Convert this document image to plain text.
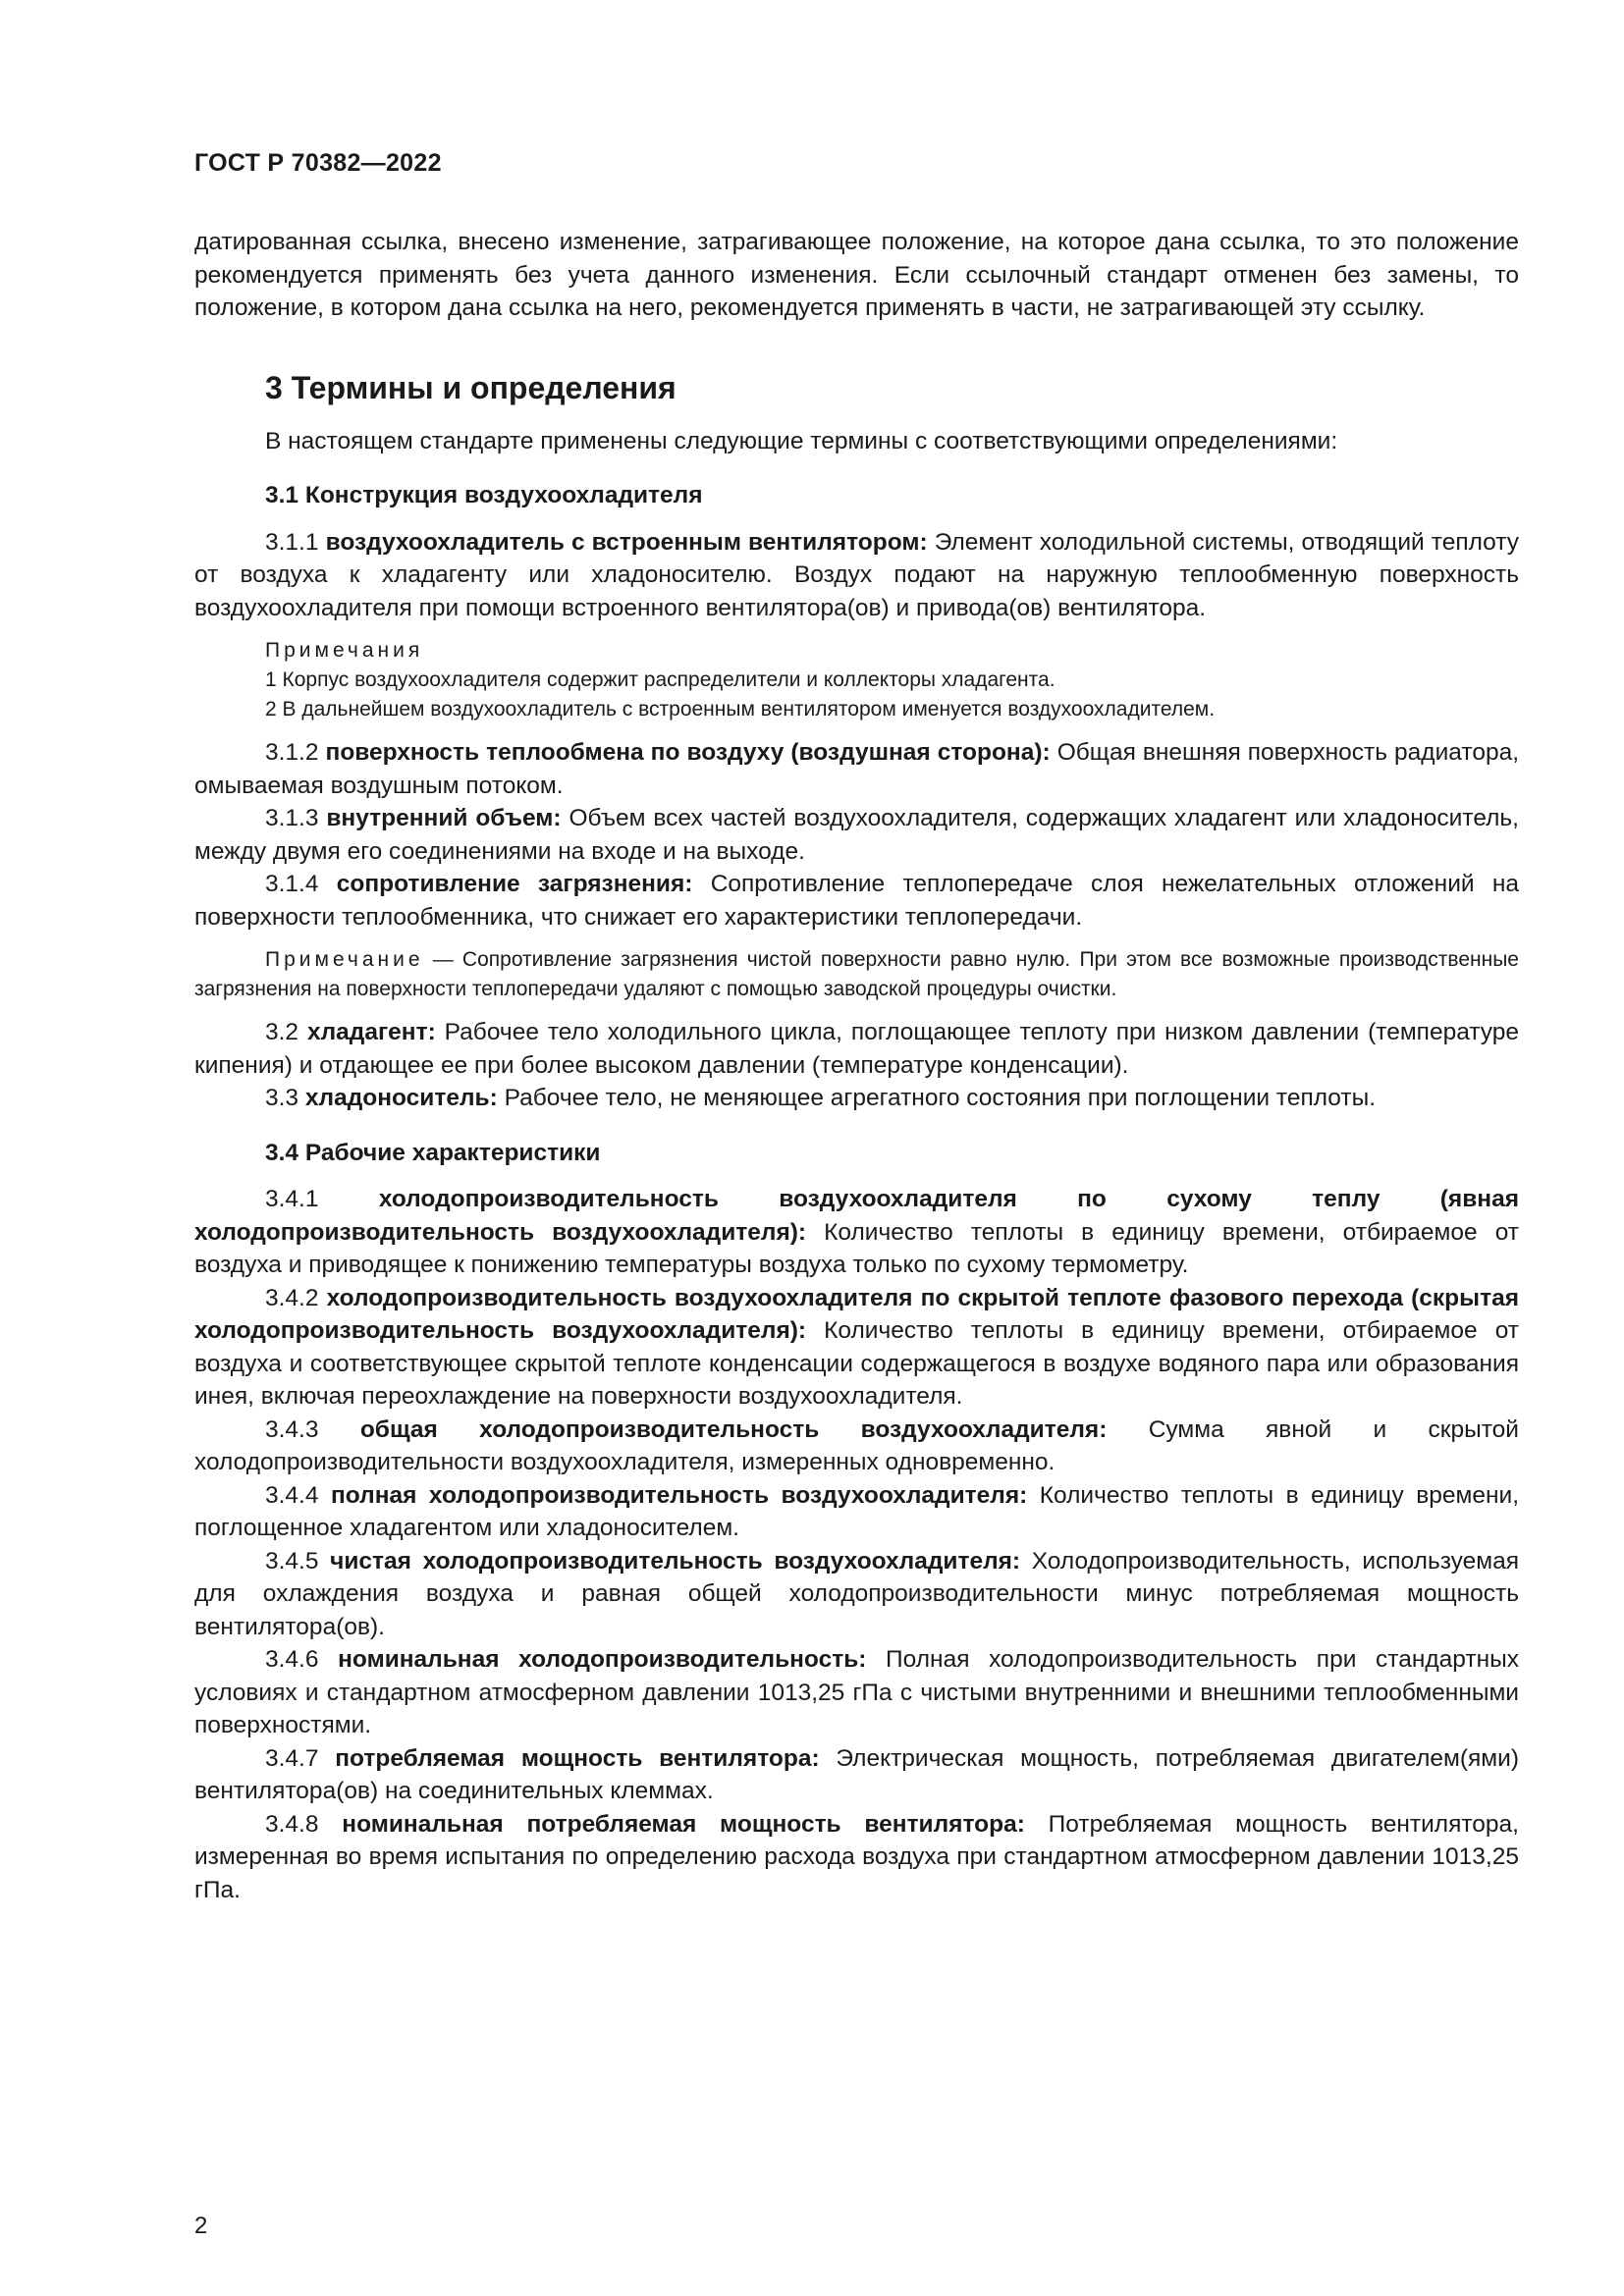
ГОСТ Р 70382—2022

датированная ссылка, внесено изменение, затрагивающее положение, на которое дана ссылка, то это положение рекомендуется применять без учета данного изменения. Если ссылочный стандарт отменен без замены, то положение, в котором дана ссылка на него, рекомендуется применять в части, не затрагивающей эту ссылку.

3 Термины и определения

В настоящем стандарте применены следующие термины с соответствующими определениями:

3.1 Конструкция воздухоохладителя

3.1.1 воздухоохладитель с встроенным вентилятором: Элемент холодильной системы, отводящий теплоту от воздуха к хладагенту или хладоносителю. Воздух подают на наружную теплообменную поверхность воздухоохладителя при помощи встроенного вентилятора(ов) и привода(ов) вентилятора.

Примечания

1 Корпус воздухоохладителя содержит распределители и коллекторы хладагента.

2 В дальнейшем воздухоохладитель с встроенным вентилятором именуется воздухоохладителем.

3.1.2 поверхность теплообмена по воздуху (воздушная сторона): Общая внешняя поверхность радиатора, омываемая воздушным потоком.

3.1.3 внутренний объем: Объем всех частей воздухоохладителя, содержащих хладагент или хладоноситель, между двумя его соединениями на входе и на выходе.

3.1.4 сопротивление загрязнения: Сопротивление теплопередаче слоя нежелательных отложений на поверхности теплообменника, что снижает его характеристики теплопередачи.

Примечание — Сопротивление загрязнения чистой поверхности равно нулю. При этом все возможные производственные загрязнения на поверхности теплопередачи удаляют с помощью заводской процедуры очистки.

3.2 хладагент: Рабочее тело холодильного цикла, поглощающее теплоту при низком давлении (температуре кипения) и отдающее ее при более высоком давлении (температуре конденсации).

3.3 хладоноситель: Рабочее тело, не меняющее агрегатного состояния при поглощении теплоты.

3.4 Рабочие характеристики

3.4.1	холодопроизводительность воздухоохладителя по сухому теплу (явная холодопроизводительность воздухоохладителя): Количество теплоты в единицу времени, отбираемое от воздуха и приводящее к понижению температуры воздуха только по сухому термометру.

3.4.2 холодопроизводительность воздухоохладителя по скрытой теплоте фазового перехода (скрытая холодопроизводительность воздухоохладителя): Количество теплоты в единицу времени, отбираемое от воздуха и соответствующее скрытой теплоте конденсации содержащегося в воздухе водяного пара или образования инея, включая переохлаждение на поверхности воздухоохладителя.

3.4.3 общая холодопроизводительность воздухоохладителя: Сумма явной и скрытой холодопроизводительности воздухоохладителя, измеренных одновременно.

3.4.4 полная холодопроизводительность воздухоохладителя: Количество теплоты в единицу времени, поглощенное хладагентом или хладоносителем.

3.4.5 чистая холодопроизводительность воздухоохладителя: Холодопроизводительность, используемая для охлаждения воздуха и равная общей холодопроизводительности минус потребляемая мощность вентилятора(ов).

3.4.6 номинальная холодопроизводительность: Полная холодопроизводительность при стандартных условиях и стандартном атмосферном давлении 1013,25 гПа с чистыми внутренними и внешними теплообменными поверхностями.

3.4.7 потребляемая мощность вентилятора: Электрическая мощность, потребляемая двигателем(ями) вентилятора(ов) на соединительных клеммах.

3.4.8 номинальная потребляемая мощность вентилятора: Потребляемая мощность вентилятора, измеренная во время испытания по определению расхода воздуха при стандартном атмосферном давлении 1013,25 гПа.

2
